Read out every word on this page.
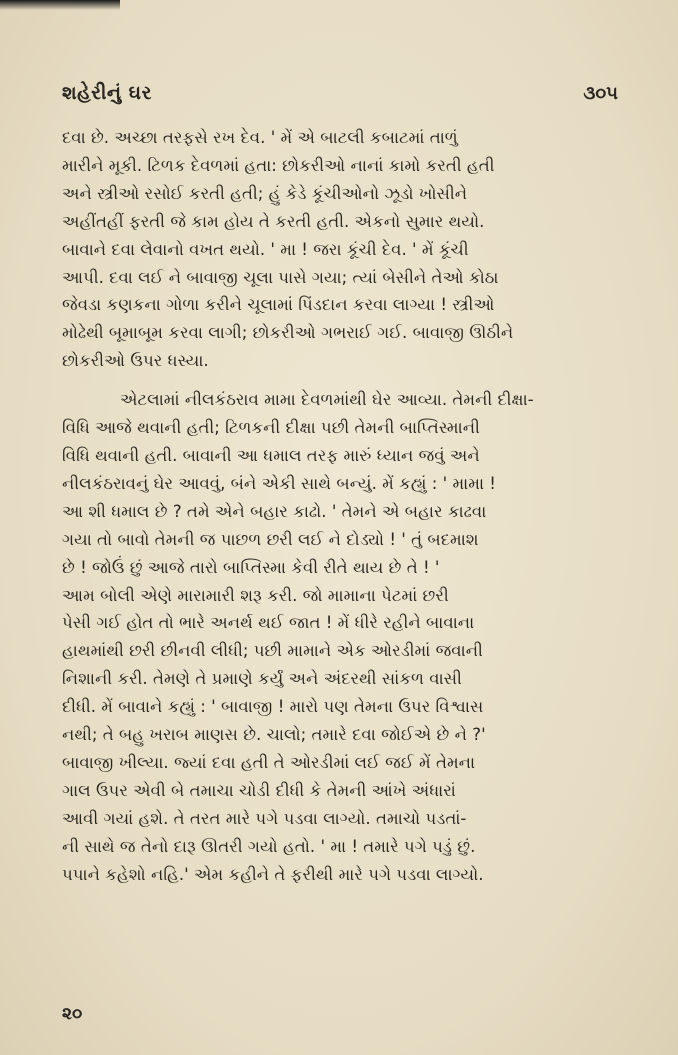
શહેરીનું ઘર	૩૦૫

દવા છે. અચ્છા તરફસે રખ દેવ. ' મેં એ બાટલી કબાટમાં તાળું
મારીને મૂકી. ટિળક દેવળમાં હતા: છોકરીઓ નાનાં કામો કરતી હતી
અને સ્ત્રીઓ રસોઈ કરતી હતી; હું કેડે કૂંચીઓનો ઝૂડો ખોસીને
અહીંતહીં ફરતી જે કામ હોય તે કરતી હતી. એકનો સુમાર થયો.
બાવાને દવા લેવાનો વખત થયો. ' મા ! જરા કૂંચી દેવ. ' મેં કૂંચી
આપી. દવા લઈ ને બાવાજી ચૂલા પાસે ગયા; ત્યાં બેસીને તેઓ કોઠા
જેવડા કણકના ગોળા કરીને ચૂલામાં પિંડદાન કરવા લાગ્યા ! સ્ત્રીઓ
મોઢેથી બૂમાબૂમ કરવા લાગી; છોકરીઓ ગભરાઈ ગઈ. બાવાજી ઊઠીને
છોકરીઓ ઉપર ધસ્યા.

એટલામાં નીલકંઠરાવ મામા દેવળમાંથી ઘેર આવ્યા. તેમની દીક્ષા-
વિધિ આજે થવાની હતી; ટિળકની દીક્ષા પછી તેમની બાપ્તિસ્માની
વિધિ થવાની હતી. બાવાની આ ધમાલ તરફ મારું ધ્યાન જવું અને
નીલકંઠરાવનું ઘેર આવવું, બંને એકી સાથે બન્યું. મેં કહ્યું : ' મામા !
આ શી ધમાલ છે ? તમે એને બહાર કાઢો. ' તેમને એ બહાર કાઢવા
ગયા તો બાવો તેમની જ પાછળ છરી લઈ ને દોડ્યો ! ' તું બદમાશ
છે ! જોઉં છું આજે તારો બાપ્તિસ્મા કેવી રીતે થાય છે તે ! '
આમ બોલી એણે મારામારી શરૂ કરી. જો મામાના પેટમાં છરી
પેસી ગઈ હોત તો ભારે અનર્થ થઈ જાત ! મેં ધીરે રહીને બાવાના
હાથમાંથી છરી છીનવી લીધી; પછી મામાને એક ઓરડીમાં જવાની
નિશાની કરી. તેમણે તે પ્રમાણે કર્યું અને અંદરથી સાંકળ વાસી
દીધી. મેં બાવાને કહ્યું : ' બાવાજી ! મારો પણ તેમના ઉપર વિશ્વાસ
નથી; તે બહુ ખરાબ માણસ છે. ચાલો; તમારે દવા જોઈએ છે ને ?'
બાવાજી ખીલ્યા. જ્યાં દવા હતી તે ઓરડીમાં લઈ જઈ મેં તેમના
ગાલ ઉપર એવી બે તમાચા ચોડી દીધી કે તેમની આંખે અંધારાં
આવી ગયાં હશે. તે તરત મારે પગે પડવા લાગ્યો. તમાચો પડતાં-
ની સાથે જ તેનો દારૂ ઊતરી ગયો હતો. ' મા ! તમારે પગે પડું છું.
પપાને કહેશો નહિ.' એમ કહીને તે ફરીથી મારે પગે પડવા લાગ્યો.

૨૦
